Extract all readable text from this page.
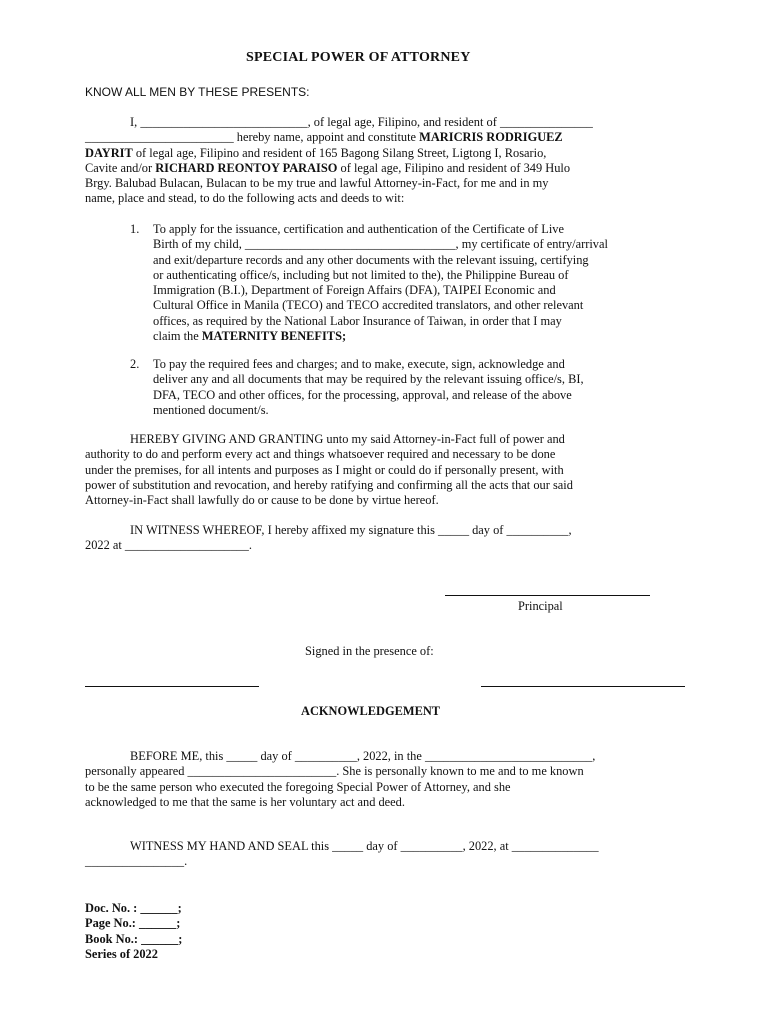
SPECIAL POWER OF ATTORNEY
KNOW ALL MEN BY THESE PRESENTS:
I, ___________________________, of legal age, Filipino, and resident of _______________
________________________ hereby name, appoint and constitute MARICRIS RODRIGUEZ
DAYRIT of legal age, Filipino and resident of 165 Bagong Silang Street, Ligtong I, Rosario,
Cavite and/or RICHARD REONTOY PARAISO of legal age, Filipino and resident of 349 Hulo
Brgy. Balubad Bulacan, Bulacan to be my true and lawful Attorney-in-Fact, for me and in my
name, place and stead, to do the following acts and deeds to wit:
1. To apply for the issuance, certification and authentication of the Certificate of Live
Birth of my child, __________________________________, my certificate of entry/arrival
and exit/departure records and any other documents with the relevant issuing, certifying
or authenticating office/s, including but not limited to the), the Philippine Bureau of
Immigration (B.I.), Department of Foreign Affairs (DFA), TAIPEI Economic and
Cultural Office in Manila (TECO) and TECO accredited translators, and other relevant
offices, as required by the National Labor Insurance of Taiwan, in order that I may
claim the MATERNITY BENEFITS;
2. To pay the required fees and charges; and to make, execute, sign, acknowledge and
deliver any and all documents that may be required by the relevant issuing office/s, BI,
DFA, TECO and other offices, for the processing, approval, and release of the above
mentioned document/s.
HEREBY GIVING AND GRANTING unto my said Attorney-in-Fact full of power and
authority to do and perform every act and things whatsoever required and necessary to be done
under the premises, for all intents and purposes as I might or could do if personally present, with
power of substitution and revocation, and hereby ratifying and confirming all the acts that our said
Attorney-in-Fact shall lawfully do or cause to be done by virtue hereof.
IN WITNESS WHEREOF, I hereby affixed my signature this _____ day of __________,
2022 at ____________________.
Principal
Signed in the presence of:
ACKNOWLEDGEMENT
BEFORE ME, this _____ day of __________, 2022, in the ___________________________,
personally appeared ________________________. She is personally known to me and to me known
to be the same person who executed the foregoing Special Power of Attorney, and she
acknowledged to me that the same is her voluntary act and deed.
WITNESS MY HAND AND SEAL this _____ day of __________, 2022, at ______________
________________.
Doc. No. : ______;
Page No.: ______;
Book No.: ______;
Series of 2022
